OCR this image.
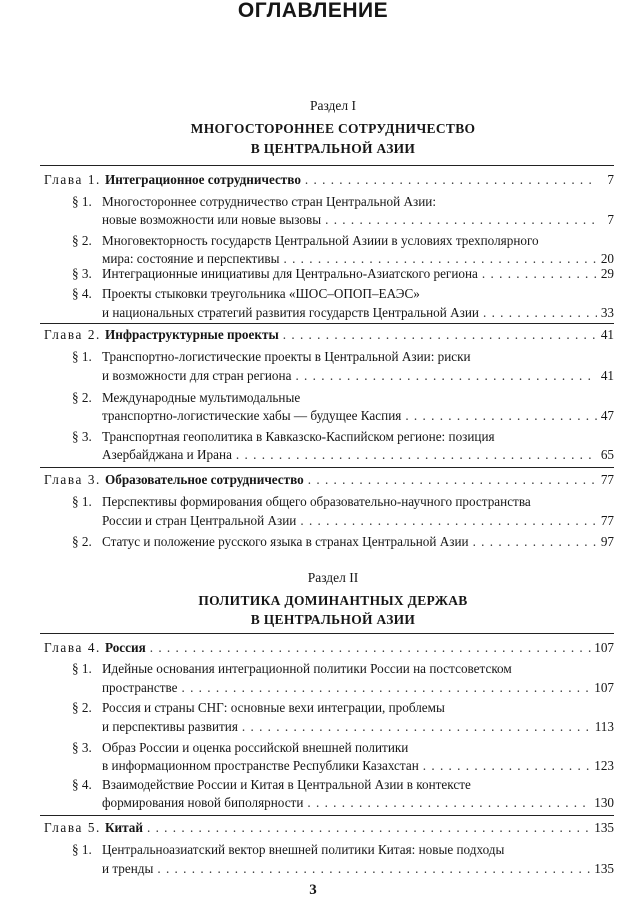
ОГЛАВЛЕНИЕ
3
Раздел I
МНОГОСТОРОННЕЕ СОТРУДНИЧЕСТВО
В ЦЕНТРАЛЬНОЙ АЗИИ
Глава 1. Интеграционное сотрудничество . . .	7
§ 1. Многостороннее сотрудничество стран Центральной Азии:
новые возможности или новые вызовы . . .	7
§ 2. Многовекторность государств Центральной Азиии в условиях трехполярного
мира: состояние и перспективы . . .	20
§ 3. Интеграционные инициативы для Центрально-Азиатского региона . . .	29
§ 4. Проекты стыковки треугольника «ШОС–ОПОП–ЕАЭС»
и национальных стратегий развития государств Центральной Азии . . .	33
Глава 2. Инфраструктурные проекты . . .	41
§ 1. Транспортно-логистические проекты в Центральной Азии: риски
и возможности для стран региона . . .	41
§ 2. Международные мультимодальные
транспортно-логистические хабы — будущее Каспия . . .	47
§ 3. Транспортная геополитика в Кавказско-Каспийском регионе: позиция
Азербайджана и Ирана . . .	65
Глава 3. Образовательное сотрудничество . . .	77
§ 1. Перспективы формирования общего образовательно-научного пространства
России и стран Центральной Азии . . .	77
§ 2. Статус и положение русского языка в странах Центральной Азии . . .	97
Раздел II
ПОЛИТИКА ДОМИНАНТНЫХ ДЕРЖАВ
В ЦЕНТРАЛЬНОЙ АЗИИ
Глава 4. Россия . . .	107
§ 1. Идейные основания интеграционной политики России на постсоветском
пространстве . . .	107
§ 2. Россия и страны СНГ: основные вехи интеграции, проблемы
и перспективы развития . . .	113
§ 3. Образ России и оценка российской внешней политики
в информационном пространстве Республики Казахстан . . .	123
§ 4. Взаимодействие России и Китая в Центральной Азии в контексте
формирования новой биполярности . . .	130
Глава 5. Китай . . .	135
§ 1. Центральноазиатский вектор внешней политики Китая: новые подходы
и тренды . . .	135
